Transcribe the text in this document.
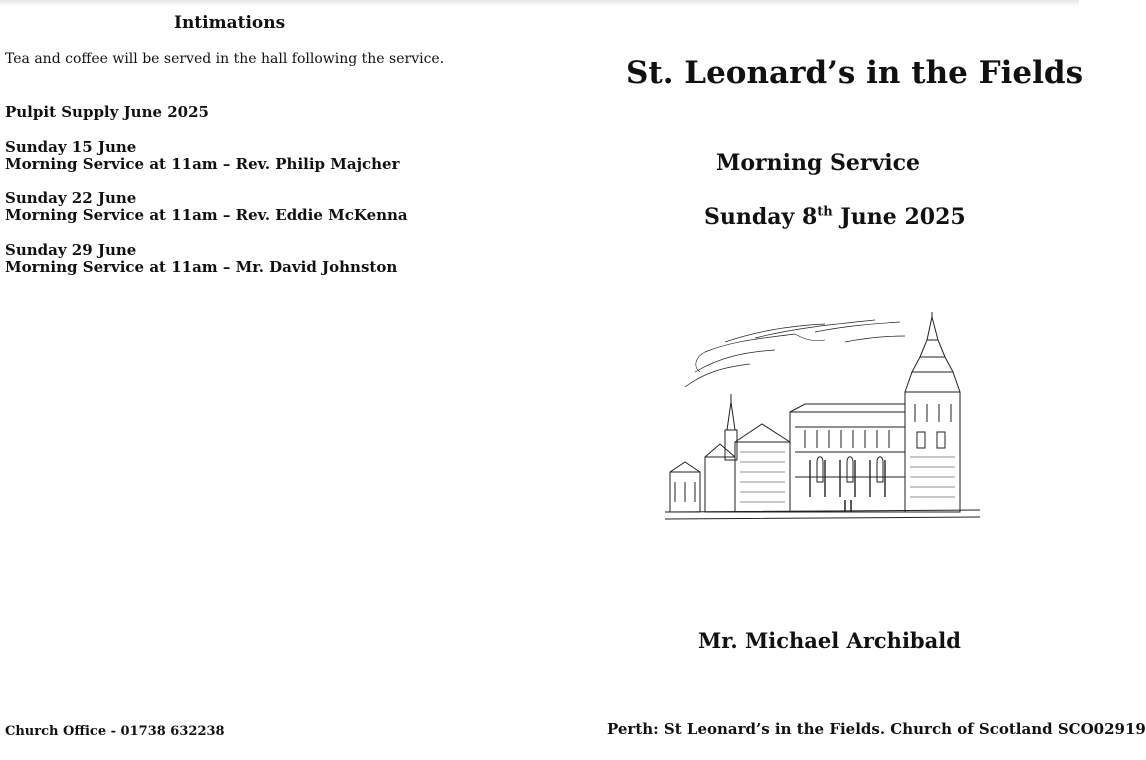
Intimations

Tea and coffee will be served in the hall following the service.

Pulpit Supply June 2025

Sunday 15 June
Morning Service at 11am – Rev. Philip Majcher
Sunday 22 June
Morning Service at 11am – Rev. Eddie McKenna
Sunday 29 June
Morning Service at 11am – Mr. David Johnston

Church Office - 01738 632238

St. Leonard’s in the Fields

Morning Service

Sunday 8th June 2025

Mr. Michael Archibald

Perth: St Leonard’s in the Fields. Church of Scotland SCO02919
